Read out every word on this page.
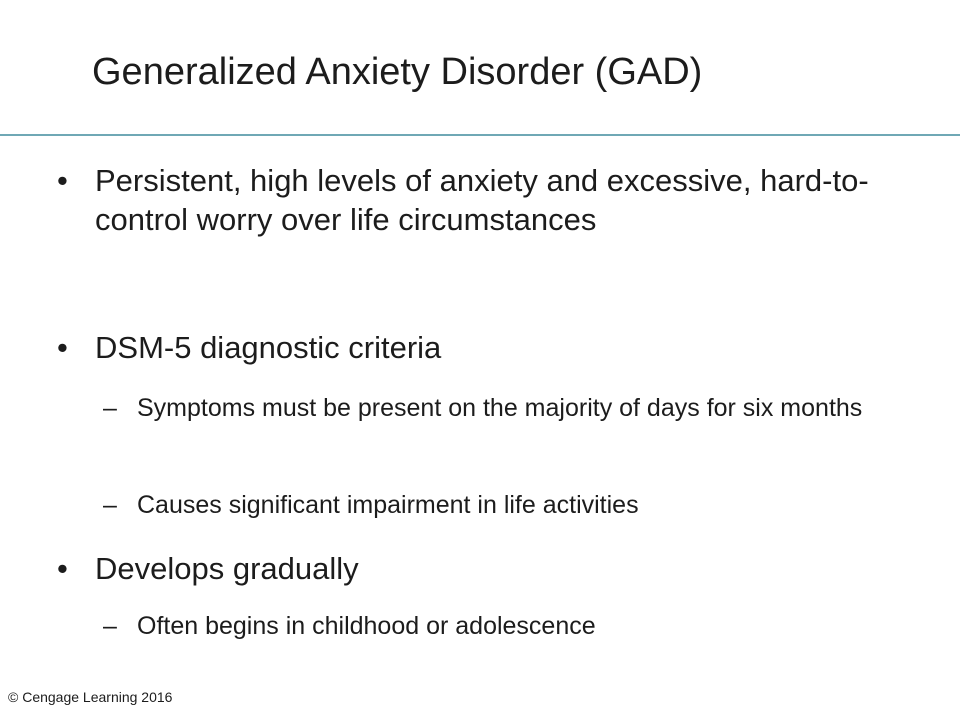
Generalized Anxiety Disorder (GAD)
• Persistent, high levels of anxiety and excessive, hard-to-control worry over life circumstances
• DSM-5 diagnostic criteria
– Symptoms must be present on the majority of days for six months
– Causes significant impairment in life activities
• Develops gradually
– Often begins in childhood or adolescence
© Cengage Learning 2016
